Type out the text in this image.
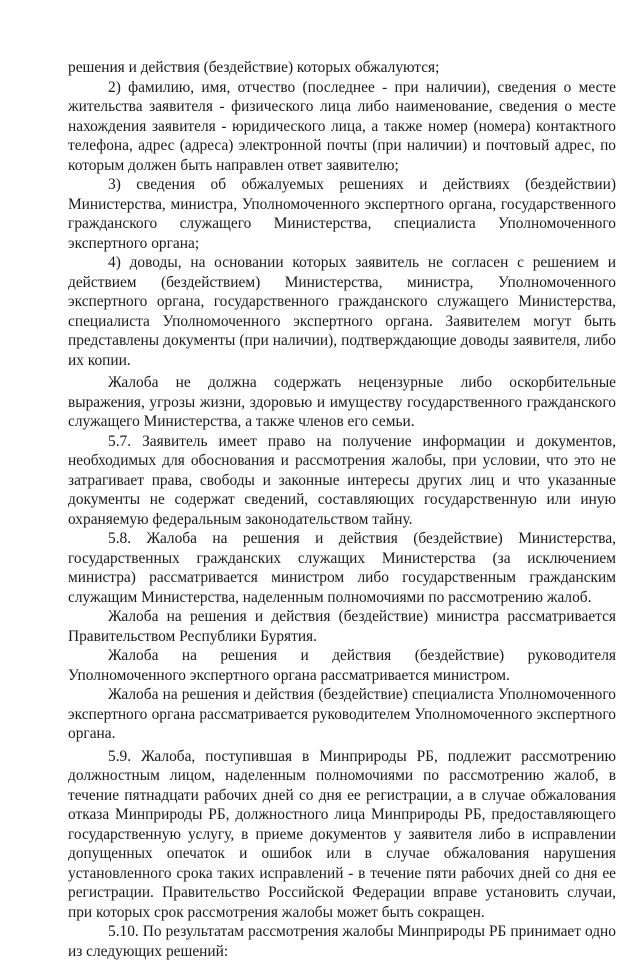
решения и действия (бездействие) которых обжалуются;

2) фамилию, имя, отчество (последнее - при наличии), сведения о месте жительства заявителя - физического лица либо наименование, сведения о месте нахождения заявителя - юридического лица, а также номер (номера) контактного телефона, адрес (адреса) электронной почты (при наличии) и почтовый адрес, по которым должен быть направлен ответ заявителю;

3) сведения об обжалуемых решениях и действиях (бездействии) Министерства, министра, Уполномоченного экспертного органа, государственного гражданского служащего Министерства, специалиста Уполномоченного экспертного органа;

4) доводы, на основании которых заявитель не согласен с решением и действием (бездействием) Министерства, министра, Уполномоченного экспертного органа, государственного гражданского служащего Министерства, специалиста Уполномоченного экспертного органа. Заявителем могут быть представлены документы (при наличии), подтверждающие доводы заявителя, либо их копии.

Жалоба не должна содержать нецензурные либо оскорбительные выражения, угрозы жизни, здоровью и имуществу государственного гражданского служащего Министерства, а также членов его семьи.

5.7. Заявитель имеет право на получение информации и документов, необходимых для обоснования и рассмотрения жалобы, при условии, что это не затрагивает права, свободы и законные интересы других лиц и что указанные документы не содержат сведений, составляющих государственную или иную охраняемую федеральным законодательством тайну.

5.8. Жалоба на решения и действия (бездействие) Министерства, государственных гражданских служащих Министерства (за исключением министра) рассматривается министром либо государственным гражданским служащим Министерства, наделенным полномочиями по рассмотрению жалоб.

Жалоба на решения и действия (бездействие) министра рассматривается Правительством Республики Бурятия.

Жалоба на решения и действия (бездействие) руководителя Уполномоченного экспертного органа рассматривается министром.

Жалоба на решения и действия (бездействие) специалиста Уполномоченного экспертного органа рассматривается руководителем Уполномоченного экспертного органа.

5.9. Жалоба, поступившая в Минприроды РБ, подлежит рассмотрению должностным лицом, наделенным полномочиями по рассмотрению жалоб, в течение пятнадцати рабочих дней со дня ее регистрации, а в случае обжалования отказа Минприроды РБ, должностного лица Минприроды РБ, предоставляющего государственную услугу, в приеме документов у заявителя либо в исправлении допущенных опечаток и ошибок или в случае обжалования нарушения установленного срока таких исправлений - в течение пяти рабочих дней со дня ее регистрации. Правительство Российской Федерации вправе установить случаи, при которых срок рассмотрения жалобы может быть сокращен.

5.10. По результатам рассмотрения жалобы Минприроды РБ принимает одно из следующих решений:
